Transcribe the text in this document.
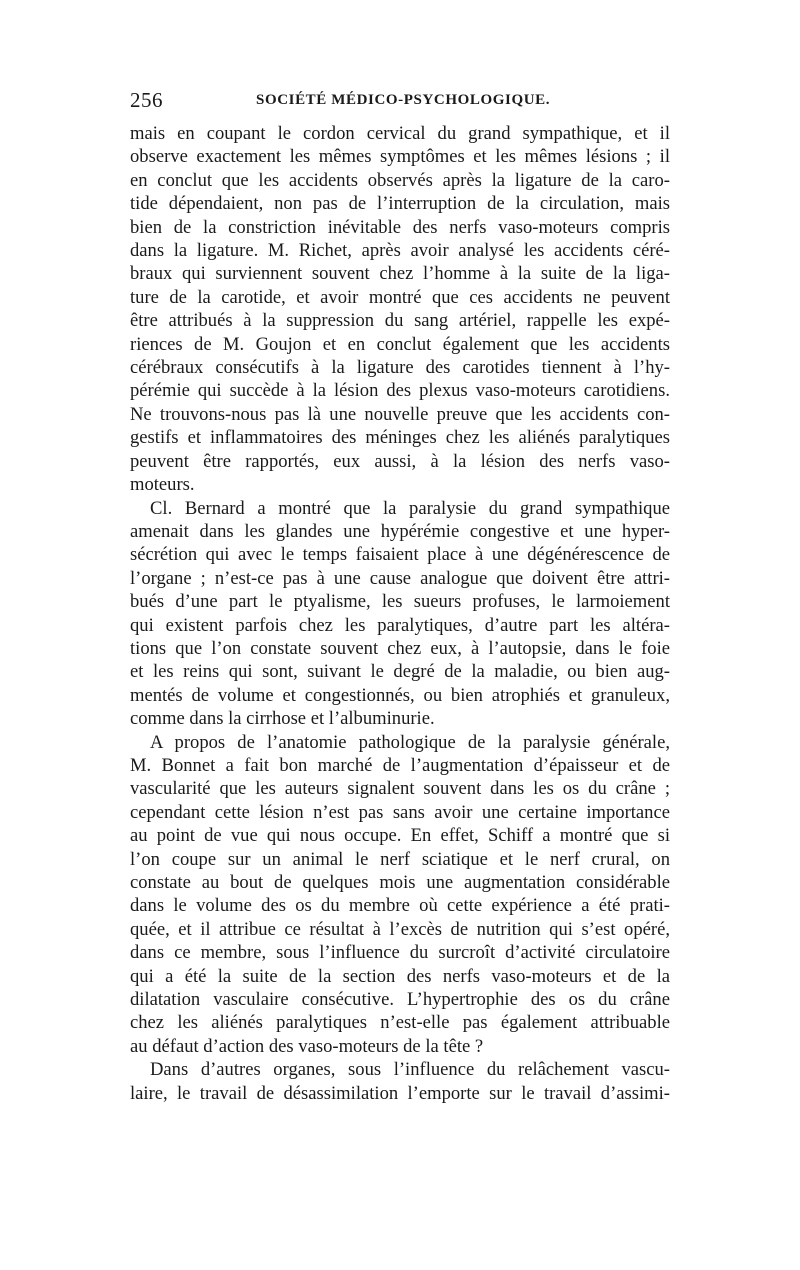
256	SOCIÉTÉ MÉDICO-PSYCHOLOGIQUE.
mais en coupant le cordon cervical du grand sympathique, et il
observe exactement les mêmes symptômes et les mêmes lésions ; il
en conclut que les accidents observés après la ligature de la caro-
tide dépendaient, non pas de l’interruption de la circulation, mais
bien de la constriction inévitable des nerfs vaso-moteurs compris
dans la ligature. M. Richet, après avoir analysé les accidents céré-
braux qui surviennent souvent chez l’homme à la suite de la liga-
ture de la carotide, et avoir montré que ces accidents ne peuvent
être attribués à la suppression du sang artériel, rappelle les expé-
riences de M. Goujon et en conclut également que les accidents
cérébraux consécutifs à la ligature des carotides tiennent à l’hy-
pérémie qui succède à la lésion des plexus vaso-moteurs carotidiens.
Ne trouvons-nous pas là une nouvelle preuve que les accidents con-
gestifs et inflammatoires des méninges chez les aliénés paralytiques
peuvent être rapportés, eux aussi, à la lésion des nerfs vaso-
moteurs.
Cl. Bernard a montré que la paralysie du grand sympathique
amenait dans les glandes une hypérémie congestive et une hyper-
sécrétion qui avec le temps faisaient place à une dégénérescence de
l’organe ; n’est-ce pas à une cause analogue que doivent être attri-
bués d’une part le ptyalisme, les sueurs profuses, le larmoiement
qui existent parfois chez les paralytiques, d’autre part les altéra-
tions que l’on constate souvent chez eux, à l’autopsie, dans le foie
et les reins qui sont, suivant le degré de la maladie, ou bien aug-
mentés de volume et congestionnés, ou bien atrophiés et granuleux,
comme dans la cirrhose et l’albuminurie.
A propos de l’anatomie pathologique de la paralysie générale,
M. Bonnet a fait bon marché de l’augmentation d’épaisseur et de
vascularité que les auteurs signalent souvent dans les os du crâne ;
cependant cette lésion n’est pas sans avoir une certaine importance
au point de vue qui nous occupe. En effet, Schiff a montré que si
l’on coupe sur un animal le nerf sciatique et le nerf crural, on
constate au bout de quelques mois une augmentation considérable
dans le volume des os du membre où cette expérience a été prati-
quée, et il attribue ce résultat à l’excès de nutrition qui s’est opéré,
dans ce membre, sous l’influence du surcroît d’activité circulatoire
qui a été la suite de la section des nerfs vaso-moteurs et de la
dilatation vasculaire consécutive. L’hypertrophie des os du crâne
chez les aliénés paralytiques n’est-elle pas également attribuable
au défaut d’action des vaso-moteurs de la tête ?
Dans d’autres organes, sous l’influence du relâchement vascu-
laire, le travail de désassimilation l’emporte sur le travail d’assimi-
